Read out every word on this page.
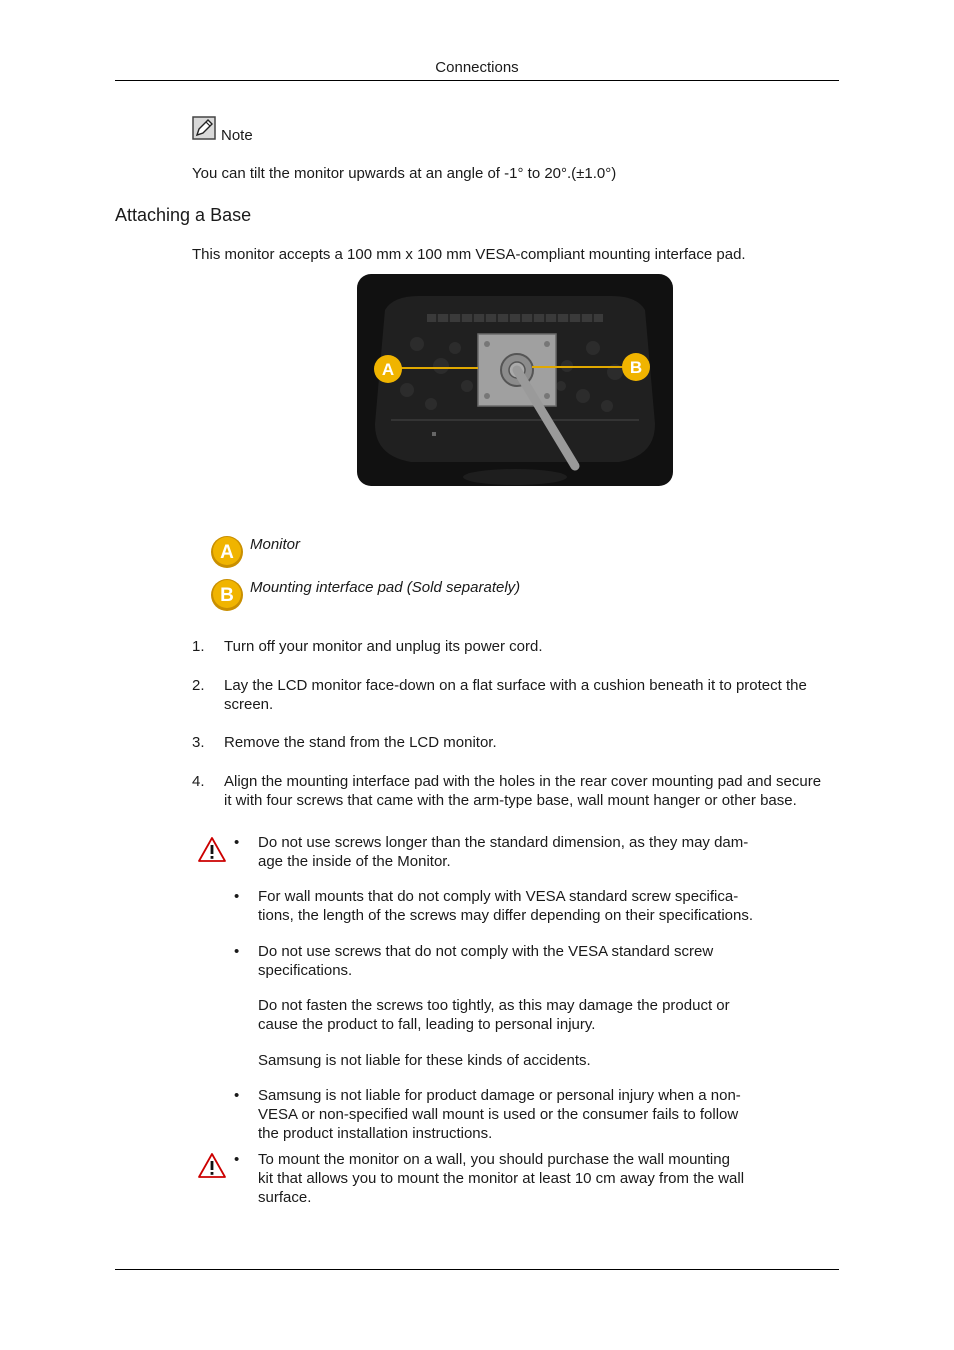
Connections
Note
You can tilt the monitor upwards at an angle of -1° to 20°.(±1.0°)
Attaching a Base
This monitor accepts a 100 mm x 100 mm VESA-compliant mounting interface pad.
A	B
A Monitor
B Mounting interface pad (Sold separately)
1. Turn off your monitor and unplug its power cord.
2. Lay the LCD monitor face-down on a flat surface with a cushion beneath it to protect the
screen.
3. Remove the stand from the LCD monitor.
4. Align the mounting interface pad with the holes in the rear cover mounting pad and secure
it with four screws that came with the arm-type base, wall mount hanger or other base.
• Do not use screws longer than the standard dimension, as they may dam-
age the inside of the Monitor.
• For wall mounts that do not comply with VESA standard screw specifica-
tions, the length of the screws may differ depending on their specifications.
• Do not use screws that do not comply with the VESA standard screw
specifications.
Do not fasten the screws too tightly, as this may damage the product or
cause the product to fall, leading to personal injury.
Samsung is not liable for these kinds of accidents.
• Samsung is not liable for product damage or personal injury when a non-
VESA or non-specified wall mount is used or the consumer fails to follow
the product installation instructions.
• To mount the monitor on a wall, you should purchase the wall mounting
kit that allows you to mount the monitor at least 10 cm away from the wall
surface.
